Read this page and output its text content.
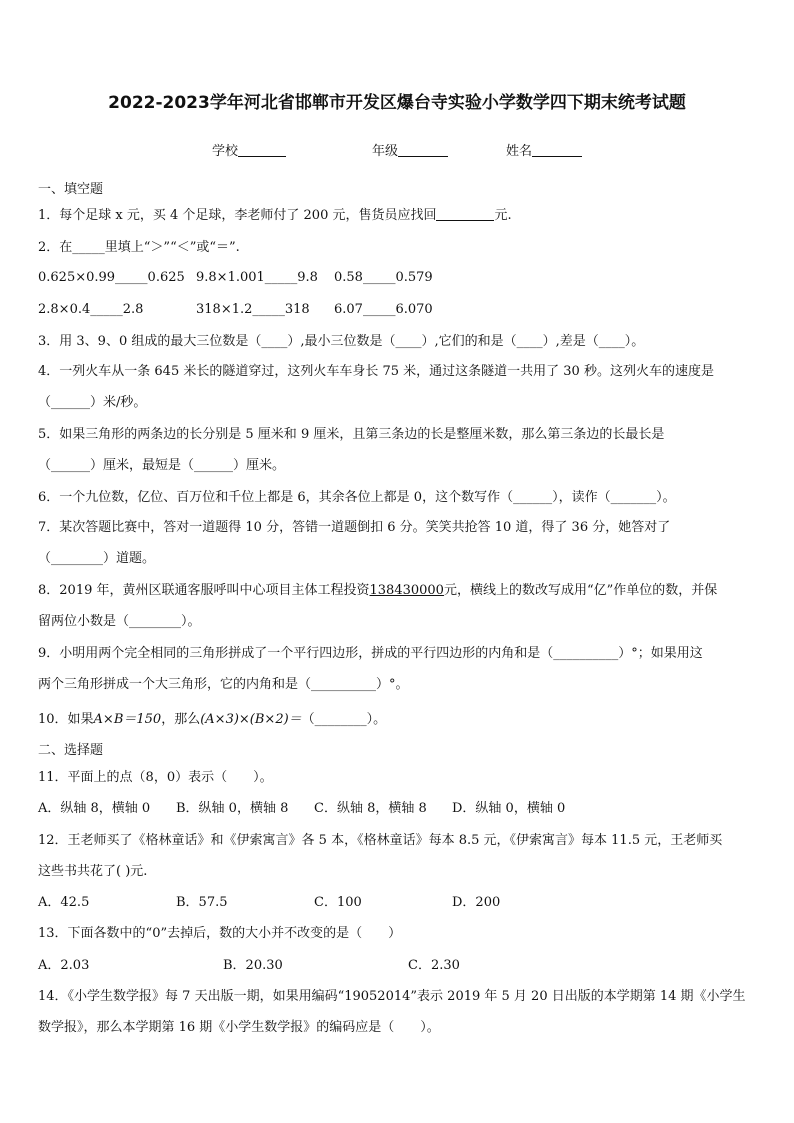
2022-2023学年河北省邯郸市开发区爆台寺实验小学数学四下期末统考试题
学校	年级	姓名
一、填空题
1．每个足球 x 元，买 4 个足球，李老师付了 200 元，售货员应找回	元.
2．在_____里填上“＞”“＜”或“＝”.
0.625×0.99_____0.625 9.8×1.001_____9.8 0.58_____0.579
2.8×0.4_____2.8	318×1.2_____318 6.07_____6.070
3．用 3、9、0 组成的最大三位数是（____）,最小三位数是（____）,它们的和是（____）,差是（____）。
4．一列火车从一条 645 米长的隧道穿过，这列火车车身长 75 米，通过这条隧道一共用了 30 秒。这列火车的速度是
（______）米/秒。
5．如果三角形的两条边的长分别是 5 厘米和 9 厘米，且第三条边的长是整厘米数，那么第三条边的长最长是
（______）厘米，最短是（______）厘米。
6．一个九位数，亿位、百万位和千位上都是 6，其余各位上都是 0，这个数写作（______），读作（_______）。
7．某次答题比赛中，答对一道题得 10 分，答错一道题倒扣 6 分。笑笑共抢答 10 道，得了 36 分，她答对了
（________）道题。
8．2019 年，黄州区联通客服呼叫中心项目主体工程投资138430000元，横线上的数改写成用“亿”作单位的数，并保
留两位小数是（________）。
9．小明用两个完全相同的三角形拼成了一个平行四边形，拼成的平行四边形的内角和是（__________）°；如果用这
两个三角形拼成一个大三角形，它的内角和是（__________）°。
10．如果A×B＝150，那么(A×3)×(B×2)＝（________）。
二、选择题
11．平面上的点（8，0）表示（　　）。
A．纵轴 8，横轴 0 B．纵轴 0，横轴 8 C．纵轴 8，横轴 8 D．纵轴 0，横轴 0
12．王老师买了《格林童话》和《伊索寓言》各 5 本，《格林童话》每本 8.5 元，《伊索寓言》每本 11.5 元，王老师买
这些书共花了( )元.
A．42.5	B．57.5	C．100	D．200
13．下面各数中的“0”去掉后，数的大小并不改变的是（　　）
A．2.03	B．20.30	C．2.30
14．《小学生数学报》每 7 天出版一期，如果用编码“19052014”表示 2019 年 5 月 20 日出版的本学期第 14 期《小学生
数学报》，那么本学期第 16 期《小学生数学报》的编码应是（　　）。
